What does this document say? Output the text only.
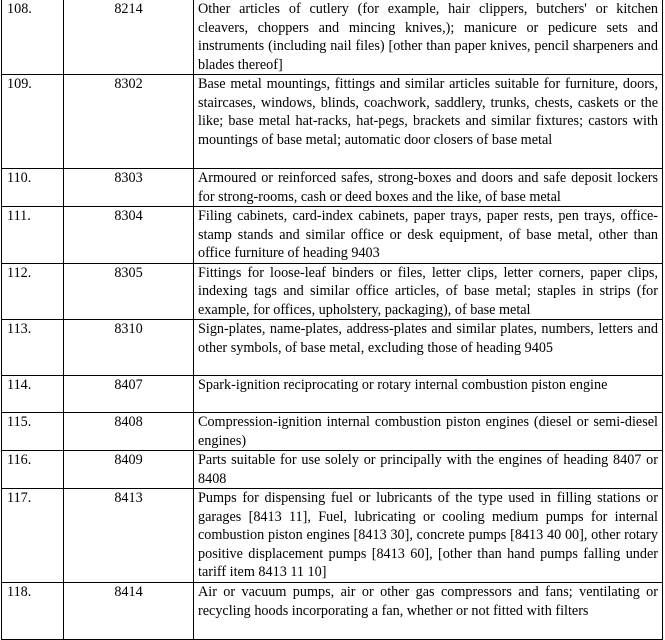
108.	8214	Other articles of cutlery (for example, hair clippers, butchers' or kitchen cleavers, choppers and mincing knives,); manicure or pedicure sets and instruments (including nail files) [other than paper knives, pencil sharpeners and blades thereof]

109.	8302	Base metal mountings, fittings and similar articles suitable for furniture, doors, staircases, windows, blinds, coachwork, saddlery, trunks, chests, caskets or the like; base metal hat-racks, hat-pegs, brackets and similar fixtures; castors with mountings of base metal; automatic door closers of base metal

110.	8303	Armoured or reinforced safes, strong-boxes and doors and safe deposit lockers for strong-rooms, cash or deed boxes and the like, of base metal

111.	8304	Filing cabinets, card-index cabinets, paper trays, paper rests, pen trays, office-stamp stands and similar office or desk equipment, of base metal, other than office furniture of heading 9403

112.	8305	Fittings for loose-leaf binders or files, letter clips, letter corners, paper clips, indexing tags and similar office articles, of base metal; staples in strips (for example, for offices, upholstery, packaging), of base metal

113.	8310	Sign-plates, name-plates, address-plates and similar plates, numbers, letters and other symbols, of base metal, excluding those of heading 9405

114.	8407	Spark-ignition reciprocating or rotary internal combustion piston engine

115.	8408	Compression-ignition internal combustion piston engines (diesel or semi-diesel engines)

116.	8409	Parts suitable for use solely or principally with the engines of heading 8407 or 8408

117.	8413	Pumps for dispensing fuel or lubricants of the type used in filling stations or garages [8413 11], Fuel, lubricating or cooling medium pumps for internal combustion piston engines [8413 30], concrete pumps [8413 40 00], other rotary positive displacement pumps [8413 60], [other than hand pumps falling under tariff item 8413 11 10]

118.	8414	Air or vacuum pumps, air or other gas compressors and fans; ventilating or recycling hoods incorporating a fan, whether or not fitted with filters
